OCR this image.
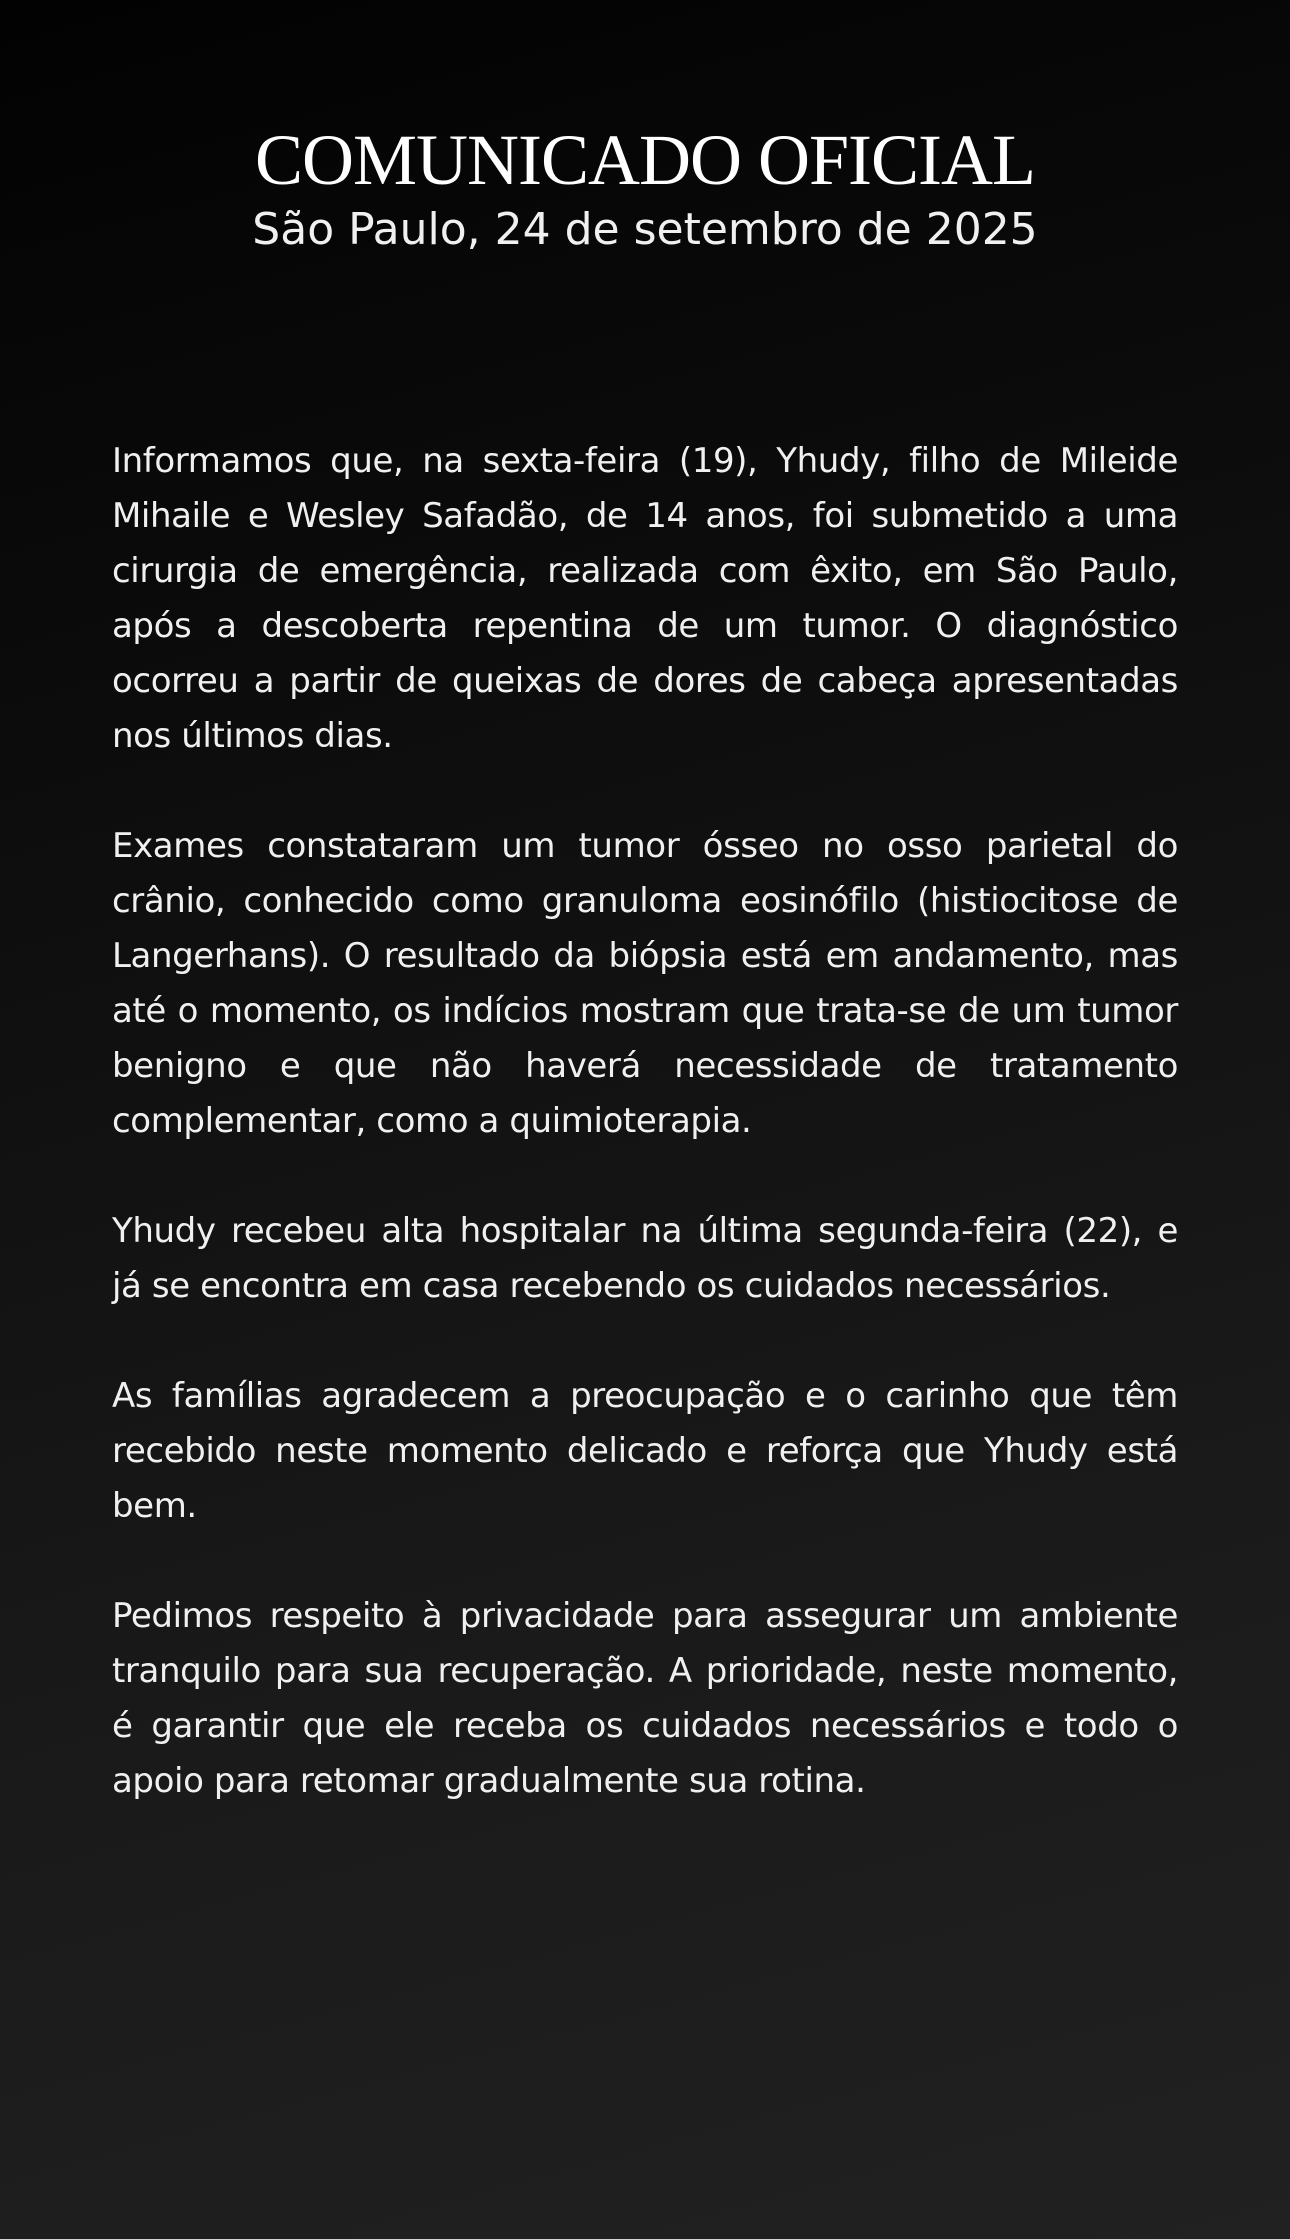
COMUNICADO OFICIAL

São Paulo, 24 de setembro de 2025

Informamos que, na sexta-feira (19), Yhudy, filho de Mileide Mihaile e Wesley Safadão, de 14 anos, foi submetido a uma cirurgia de emergência, realizada com êxito, em São Paulo, após a descoberta repentina de um tumor. O diagnóstico ocorreu a partir de queixas de dores de cabeça apresentadas nos últimos dias.

Exames constataram um tumor ósseo no osso parietal do crânio, conhecido como granuloma eosinófilo (histiocitose de Langerhans). O resultado da biópsia está em andamento, mas até o momento, os indícios mostram que trata-se de um tumor benigno e que não haverá necessidade de tratamento complementar, como a quimioterapia.

Yhudy recebeu alta hospitalar na última segunda-feira (22), e já se encontra em casa recebendo os cuidados necessários.

As famílias agradecem a preocupação e o carinho que têm recebido neste momento delicado e reforça que Yhudy está bem.

Pedimos respeito à privacidade para assegurar um ambiente tranquilo para sua recuperação. A prioridade, neste momento, é garantir que ele receba os cuidados necessários e todo o apoio para retomar gradualmente sua rotina.
